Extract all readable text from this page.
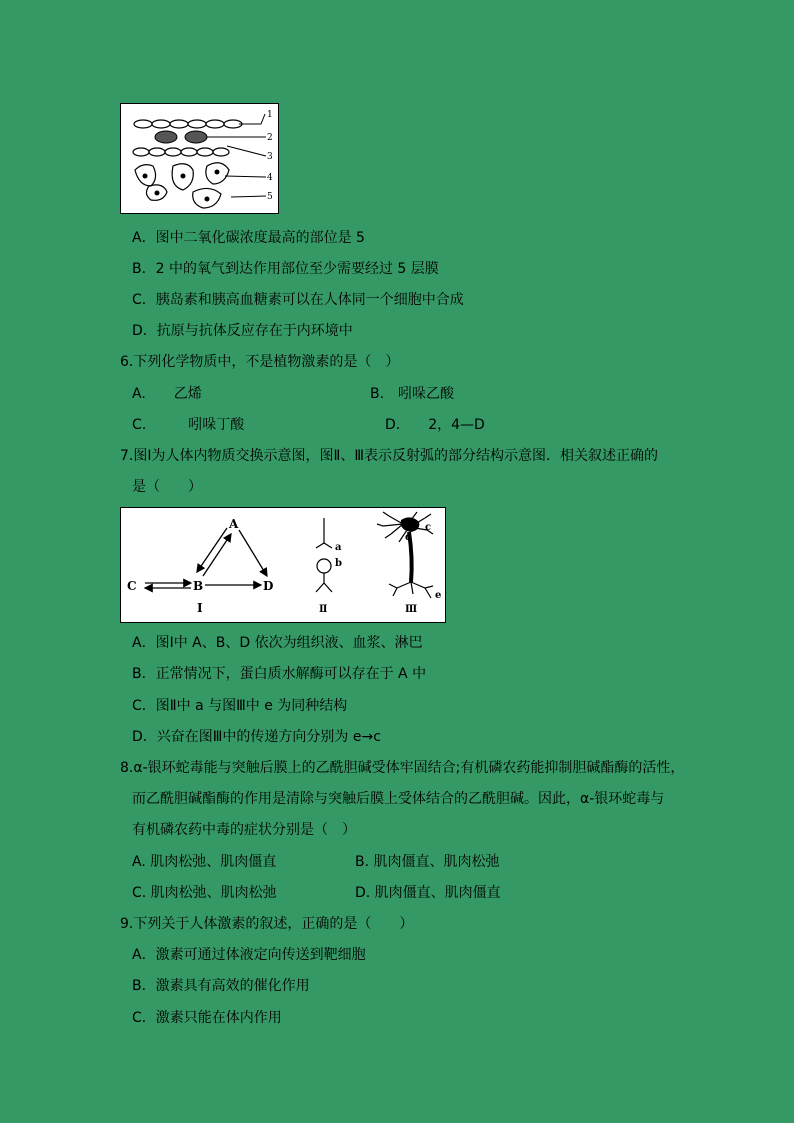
1
2
3
4
5
A．图中二氧化碳浓度最高的部位是 5
B．2 中的氧气到达作用部位至少需要经过 5 层膜
C．胰岛素和胰高血糖素可以在人体同一个细胞中合成
D．抗原与抗体反应存在于内环境中
6.下列化学物质中，不是植物激素的是（　）
A.　　乙烯	B.　吲哚乙酸
C.　　　吲哚丁酸	D.　　2，4—D
7.图Ⅰ为人体内物质交换示意图，图Ⅱ、Ⅲ表示反射弧的部分结构示意图．相关叙述正确的
是（　　）
A
B
C	D
Ⅰ
a
b
Ⅱ
c
d
e
Ⅲ
A．图Ⅰ中 A、B、D 依次为组织液、血浆、淋巴
B．正常情况下，蛋白质水解酶可以存在于 A 中
C．图Ⅱ中 a 与图Ⅲ中 e 为同种结构
D．兴奋在图Ⅲ中的传递方向分别为 e→c
8.α-银环蛇毒能与突触后膜上的乙酰胆碱受体牢固结合;有机磷农药能抑制胆碱酯酶的活性，
而乙酰胆碱酯酶的作用是清除与突触后膜上受体结合的乙酰胆碱。因此，α-银环蛇毒与
有机磷农药中毒的症状分别是（　）
A. 肌肉松弛、肌肉僵直	B. 肌肉僵直、肌肉松弛
C. 肌肉松弛、肌肉松弛	D. 肌肉僵直、肌肉僵直
9.下列关于人体激素的叙述，正确的是（　　）
A．激素可通过体液定向传送到靶细胞
B．激素具有高效的催化作用
C．激素只能在体内作用
